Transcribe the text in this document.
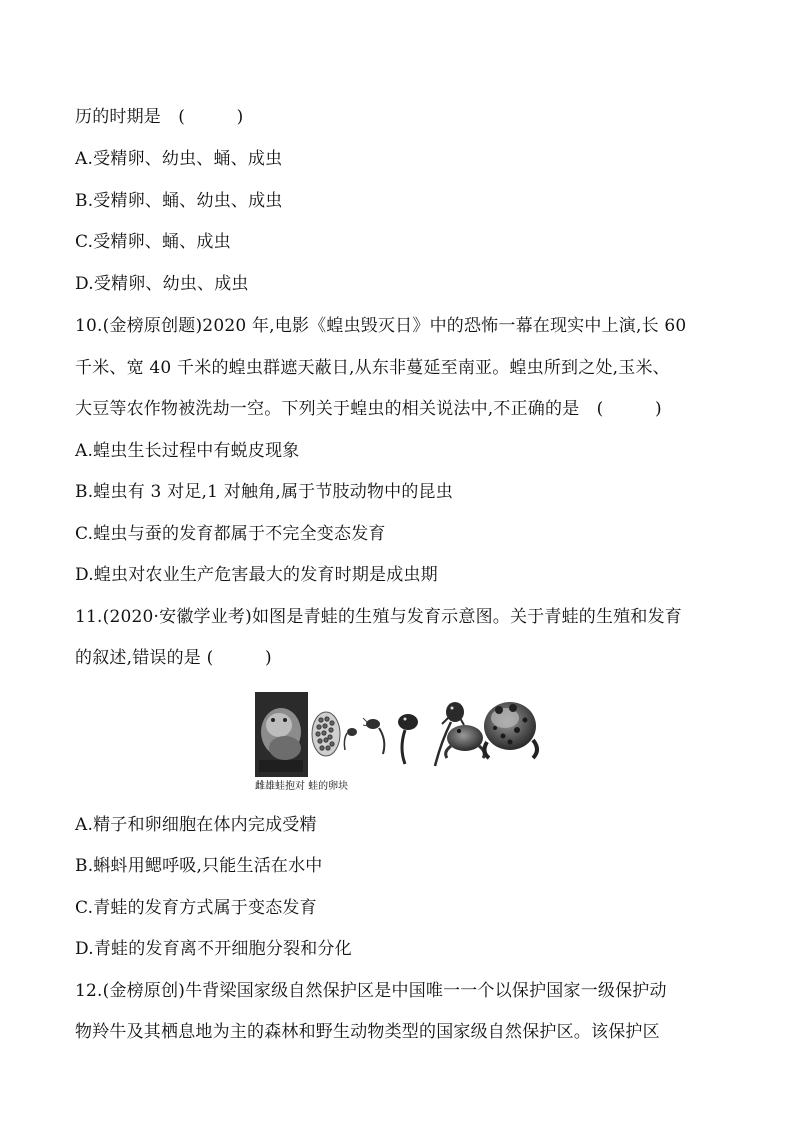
历的时期是　(　　　)
A.受精卵、幼虫、蛹、成虫
B.受精卵、蛹、幼虫、成虫
C.受精卵、蛹、成虫
D.受精卵、幼虫、成虫
10.(金榜原创题)2020 年,电影《蝗虫毁灭日》中的恐怖一幕在现实中上演,长 60
千米、宽 40 千米的蝗虫群遮天蔽日,从东非蔓延至南亚。蝗虫所到之处,玉米、
大豆等农作物被洗劫一空。下列关于蝗虫的相关说法中,不正确的是　(　　　)
A.蝗虫生长过程中有蜕皮现象
B.蝗虫有 3 对足,1 对触角,属于节肢动物中的昆虫
C.蝗虫与蚕的发育都属于不完全变态发育
D.蝗虫对农业生产危害最大的发育时期是成虫期
11.(2020·安徽学业考)如图是青蛙的生殖与发育示意图。关于青蛙的生殖和发育
的叙述,错误的是 (　　　)
雌雄蛙抱对 蛙的卵块
A.精子和卵细胞在体内完成受精
B.蝌蚪用鳃呼吸,只能生活在水中
C.青蛙的发育方式属于变态发育
D.青蛙的发育离不开细胞分裂和分化
12.(金榜原创)牛背梁国家级自然保护区是中国唯一一个以保护国家一级保护动
物羚牛及其栖息地为主的森林和野生动物类型的国家级自然保护区。该保护区
